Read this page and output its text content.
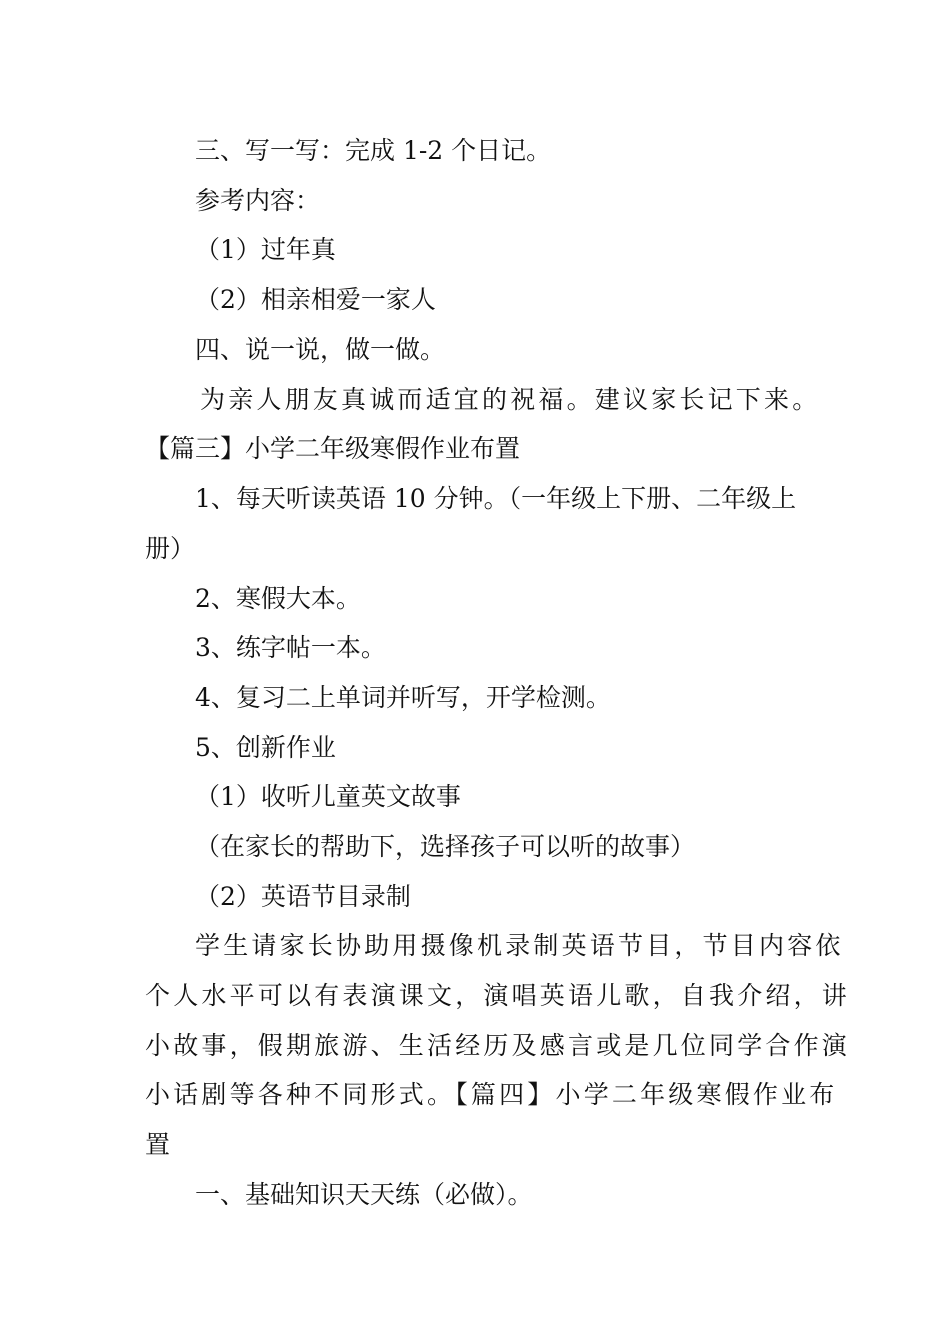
三、写一写：完成 1-2 个日记。
参考内容：
（1）过年真
（2）相亲相爱一家人
四、说一说，做一做。
为亲人朋友真诚而适宜的祝福。建议家长记下来。
【篇三】小学二年级寒假作业布置
1、每天听读英语 10 分钟。（一年级上下册、二年级上
册）
2、寒假大本。
3、练字帖一本。
4、复习二上单词并听写，开学检测。
5、创新作业
（1）收听儿童英文故事
（在家长的帮助下，选择孩子可以听的故事）
（2）英语节目录制
学生请家长协助用摄像机录制英语节目，节目内容依
个人水平可以有表演课文，演唱英语儿歌，自我介绍，讲
小故事，假期旅游、生活经历及感言或是几位同学合作演
小话剧等各种不同形式。【篇四】小学二年级寒假作业布
置
一、基础知识天天练（必做）。
